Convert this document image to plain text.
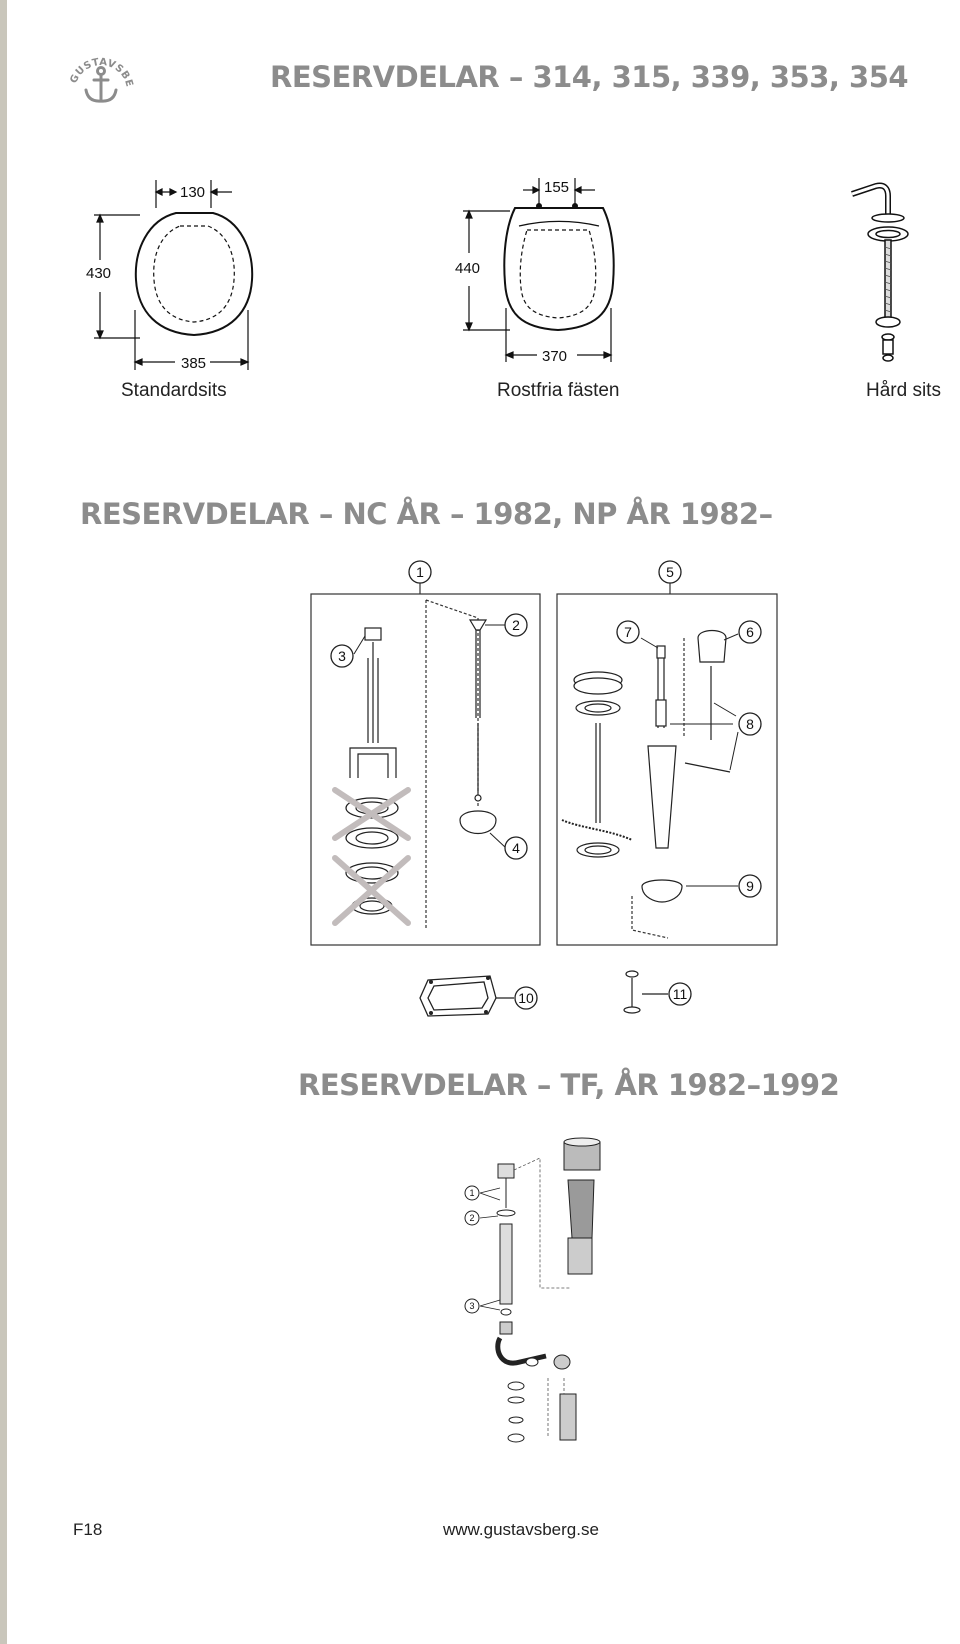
GUSTAVSBERG
RESERVDELAR – 314, 315, 339, 353, 354
130
430
385
Standardsits
155
440
370
Rostfria fästen	Hård sits
RESERVDELAR – NC ÅR – 1982, NP ÅR 1982–
1	5
2
3
4
7	6
8
9
10	11
RESERVDELAR – TF, ÅR 1982–1992
1
2
3
F18	www.gustavsberg.se
